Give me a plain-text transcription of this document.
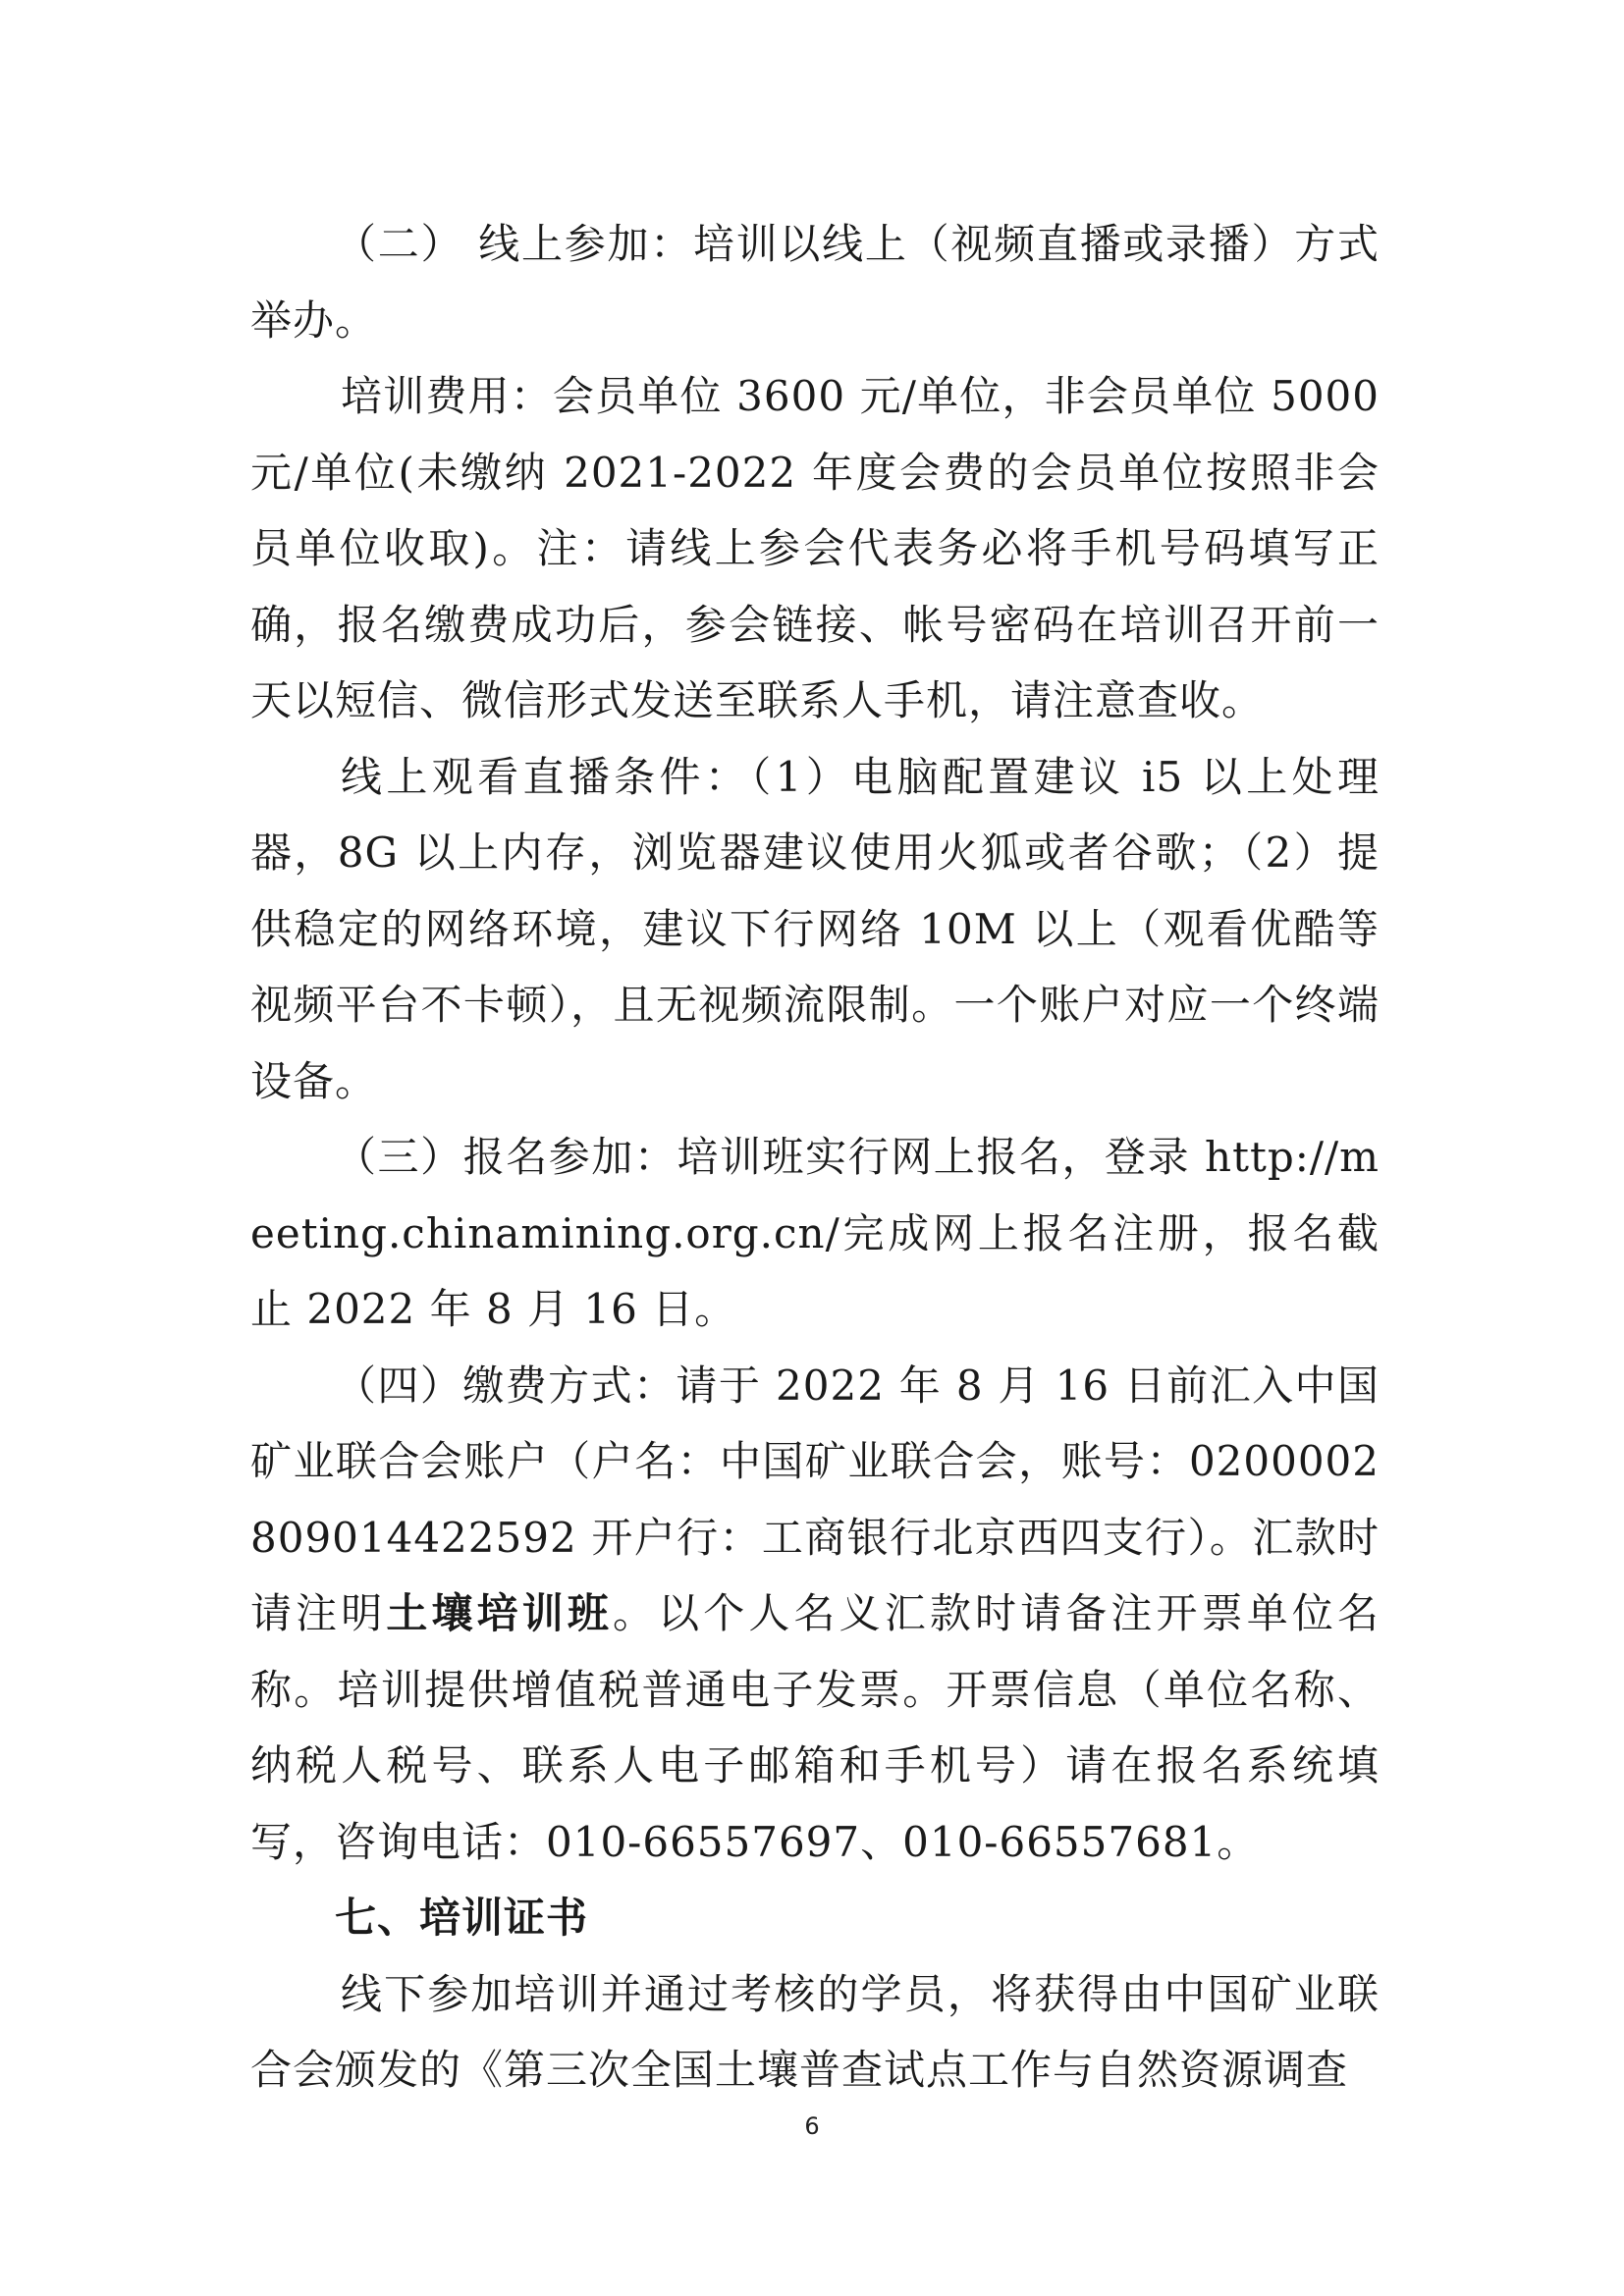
（二） 线上参加：培训以线上（视频直播或录播）方式举办。

培训费用：会员单位 3600 元/单位，非会员单位 5000元/单位(未缴纳 2021-2022 年度会费的会员单位按照非会员单位收取)。注：请线上参会代表务必将手机号码填写正确，报名缴费成功后，参会链接、帐号密码在培训召开前一天以短信、微信形式发送至联系人手机，请注意查收。

线上观看直播条件：（1）电脑配置建议 i5 以上处理器，8G 以上内存，浏览器建议使用火狐或者谷歌；（2）提供稳定的网络环境，建议下行网络 10M 以上（观看优酷等视频平台不卡顿），且无视频流限制。一个账户对应一个终端设备。

（三）报名参加：培训班实行网上报名，登录 http://meeting.chinamining.org.cn/完成网上报名注册，报名截止 2022 年 8 月 16 日。

（四）缴费方式：请于 2022 年 8 月 16 日前汇入中国矿业联合会账户（户名：中国矿业联合会，账号：0200002809014422592 开户行：工商银行北京西四支行）。汇款时请注明土壤培训班。以个人名义汇款时请备注开票单位名称。培训提供增值税普通电子发票。开票信息（单位名称、纳税人税号、联系人电子邮箱和手机号）请在报名系统填写，咨询电话：010-66557697、010-66557681。

七、培训证书

线下参加培训并通过考核的学员，将获得由中国矿业联合会颁发的《第三次全国土壤普查试点工作与自然资源调查

6
